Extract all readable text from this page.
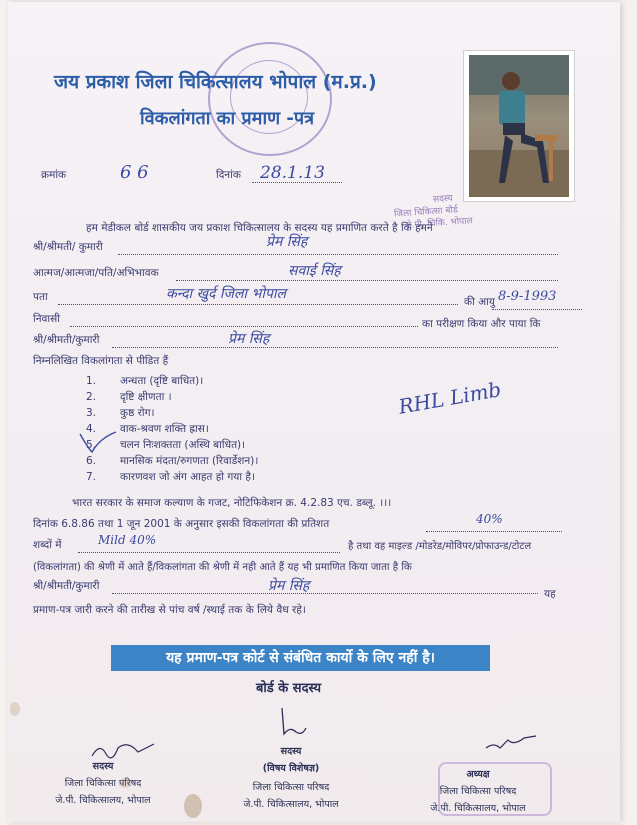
जय प्रकाश जिला चिकित्सालय भोपाल (म.प्र.)
विकलांगता का प्रमाण -पत्र
क्रमांक	6 6	दिनांक 28.1.13
सदस्य
जिला चिकित्सा बोर्ड
जे.पी. चिकि. भोपाल
हम मेडीकल बोर्ड शासकीय जय प्रकाश चिकित्सालय के सदस्य यह प्रमाणित करते है कि हमने
श्री/श्रीमती/ कुमारी	प्रेम सिंह
आत्मज/आत्मजा/पति/अभिभावक	सवाई सिंह
पता	कन्दा खुर्द जिला भोपाल	की आयु 8-9-1993
निवासी	का परीक्षण किया और पाया कि
श्री/श्रीमती/कुमारी	प्रेम सिंह
निम्नलिखित विकलांगता से पीडित हैं
1. अन्धता (दृष्टि बाधित)।
2. दृष्टि क्षीणता ।
3. कुष्ठ रोग।
4. वाक-श्रवण शक्ति ह्रास।
5. चलन निःशक्तता (अस्थि बाधित)।
6. मानसिक मंदता/रुगणता (रिवार्डेशन)।
7. कारणवश जो अंग आहत हो गया है।
RHL Limb
भारत सरकार के समाज कल्याण के गजट, नोटिफिकेशन क्र. 4.2.83 एच. डब्लू. ।।।
दिनांक 6.8.86 तथा 1 जून 2001 के अनुसार इसकी विकलांगता की प्रतिशत	40%
शब्दों में	Mild 40%	है तथा वह माइल्ड /मोडरेड/मोविपर/प्रोफाउन्ड/टोटल
(विकलांगता) की श्रेणी में आते हैं/विकलांगता की श्रेणी में नही आते हैं यह भी प्रमाणित किया जाता है कि
श्री/श्रीमती/कुमारी	प्रेम सिंह	यह
प्रमाण-पत्र जारी करने की तारीख से पांच वर्ष /स्थाई तक के लिये वैध रहे।
यह प्रमाण-पत्र कोर्ट से संबंधित कार्यो के लिए नहीं है।
बोर्ड के सदस्य
सदस्य
जिला चिकित्सा परिषद
जे.पी. चिकित्सालय, भोपाल
सदस्य
(विषय विशेषज्ञ)
जिला चिकित्सा परिषद
जे.पी. चिकित्सालय, भोपाल
अध्यक्ष
जिला चिकित्सा परिषद
जे.पी. चिकित्सालय, भोपाल
